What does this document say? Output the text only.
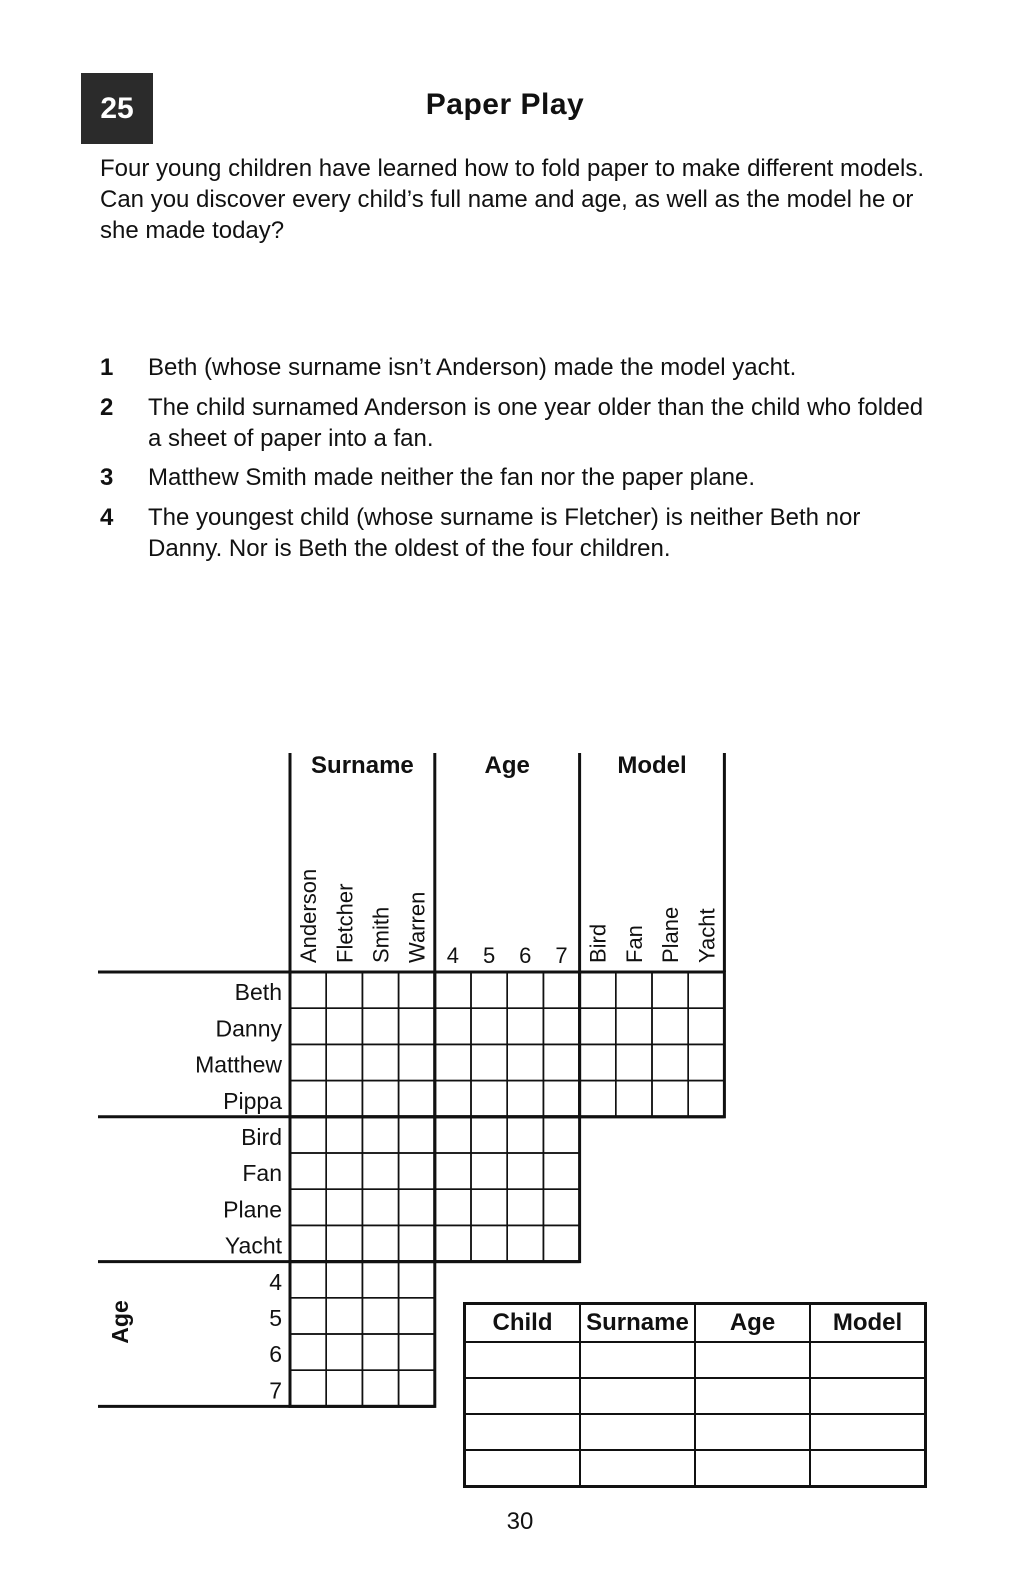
25	Paper Play
Four young children have learned how to fold paper to make different models. Can you discover every child’s full name and age, as well as the model he or she made today?
1 Beth (whose surname isn’t Anderson) made the model yacht.
2 The child surnamed Anderson is one year older than the child who folded a sheet of paper into a fan.
3 Matthew Smith made neither the fan nor the paper plane.
4 The youngest child (whose surname is Fletcher) is neither Beth nor Danny. Nor is Beth the oldest of the four children.
Surname	Age	Model
Anderson Fletcher Smith Warren 4 5 6 7 Bird Fan Plane Yacht
Beth
Danny
Matthew
Pippa
Bird
Fan
Plane
Yacht
4
5
6
7
Age	Child	Surname	Age	Model

30
